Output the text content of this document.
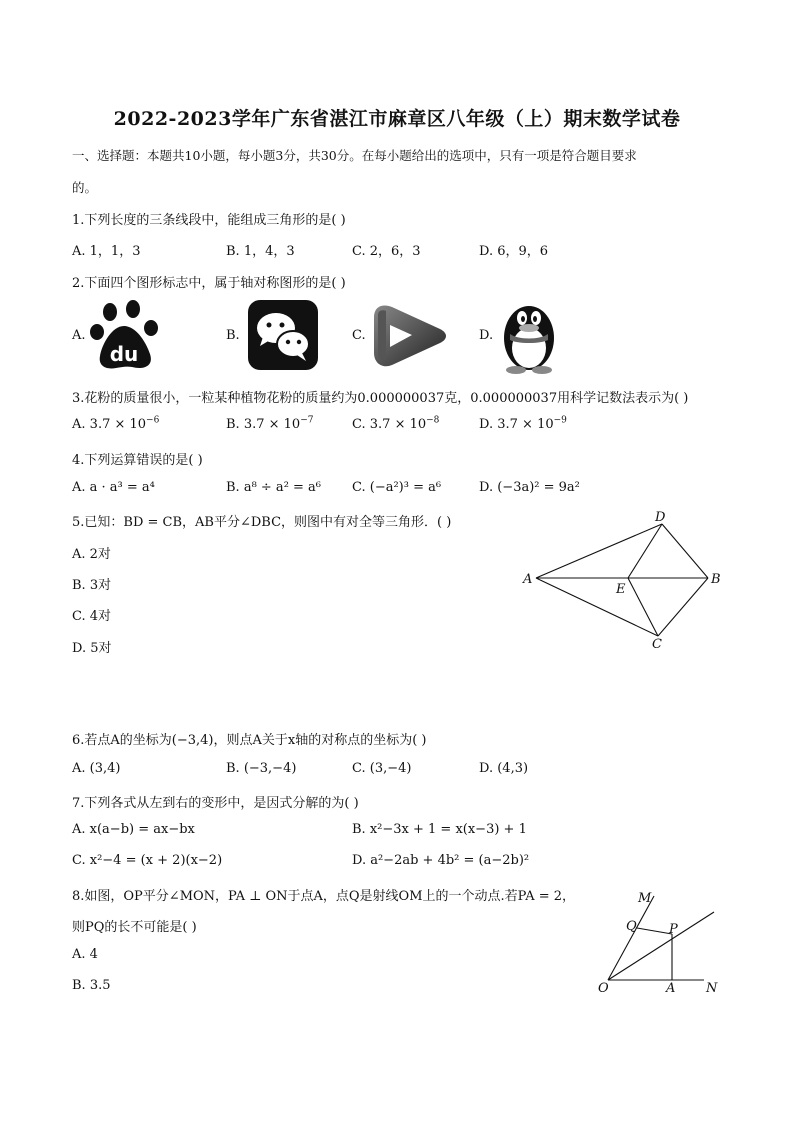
2022-2023学年广东省湛江市麻章区八年级（上）期末数学试卷
一、选择题：本题共10小题，每小题3分，共30分。在每小题给出的选项中，只有一项是符合题目要求
的。
1.下列长度的三条线段中，能组成三角形的是( )
A. 1，1，3	B. 1，4，3	C. 2，6，3	D. 6，9，6
2.下面四个图形标志中，属于轴对称图形的是( )
A.	B.	C.	D.
du
3.花粉的质量很小，一粒某种植物花粉的质量约为0.000000037克，0.000000037用科学记数法表示为( )
A. $3.7 \times 10^{-6}$	B. $3.7 \times 10^{-7}$	C. $3.7 \times 10^{-8}$	D. $3.7 \times 10^{-9}$
4.下列运算错误的是( )
A. a · a³ = a⁴	B. a⁸ ÷ a² = a⁶ C. (−a²)³ = a⁶	D. (−3a)² = 9a²
5.已知：BD = CB，AB平分∠DBC，则图中有对全等三角形．( )
A. 2对
B. 3对
C. 4对
D. 5对
D
A
E
B
C
6.若点A的坐标为(−3,4)，则点A关于x轴的对称点的坐标为( )
A. (3,4)	B. (−3,−4)	C. (3,−4)	D. (4,3)
7.下列各式从左到右的变形中，是因式分解的为( )
A. x(a−b) = ax−bx	B. x²−3x + 1 = x(x−3) + 1
C. x²−4 = (x + 2)(x−2)	D. a²−2ab + 4b² = (a−2b)²
8.如图，OP平分∠MON，PA ⊥ ON于点A，点Q是射线OM上的一个动点.若PA = 2，
则PQ的长不可能是( )
A. 4
B. 3.5
M
Q P
O	A N
